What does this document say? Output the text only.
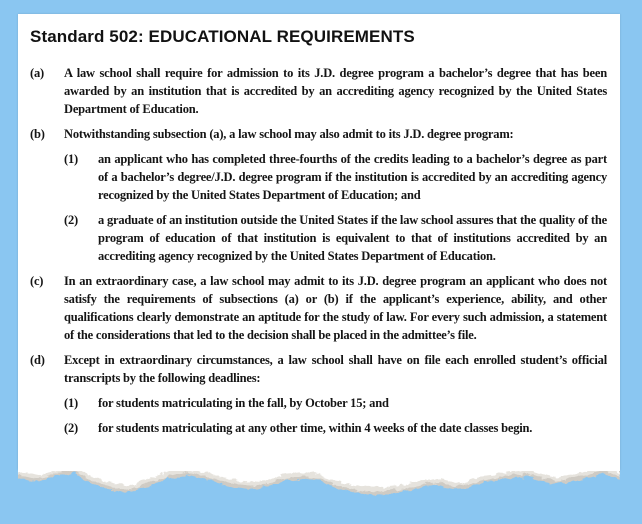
Standard 502: EDUCATIONAL REQUIREMENTS
(a)	A law school shall require for admission to its J.D. degree program a bachelor’s degree that has been awarded by an institution that is accredited by an accrediting agency recognized by the United States Department of Education.
(b)	Notwithstanding subsection (a), a law school may also admit to its J.D. degree program:
(1)	an applicant who has completed three-fourths of the credits leading to a bachelor’s degree as part of a bachelor’s degree/J.D. degree program if the institution is accredited by an accrediting agency recognized by the United States Department of Education; and
(2)	a graduate of an institution outside the United States if the law school assures that the quality of the program of education of that institution is equivalent to that of institutions accredited by an accrediting agency recognized by the United States Department of Education.
(c)	In an extraordinary case, a law school may admit to its J.D. degree program an applicant who does not satisfy the requirements of subsections (a) or (b) if the applicant’s experience, ability, and other qualifications clearly demonstrate an aptitude for the study of law. For every such admission, a statement of the considerations that led to the decision shall be placed in the admittee’s file.
(d)	Except in extraordinary circumstances, a law school shall have on file each enrolled student’s official transcripts by the following deadlines:
(1)	for students matriculating in the fall, by October 15; and
(2)	for students matriculating at any other time, within 4 weeks of the date classes begin.
